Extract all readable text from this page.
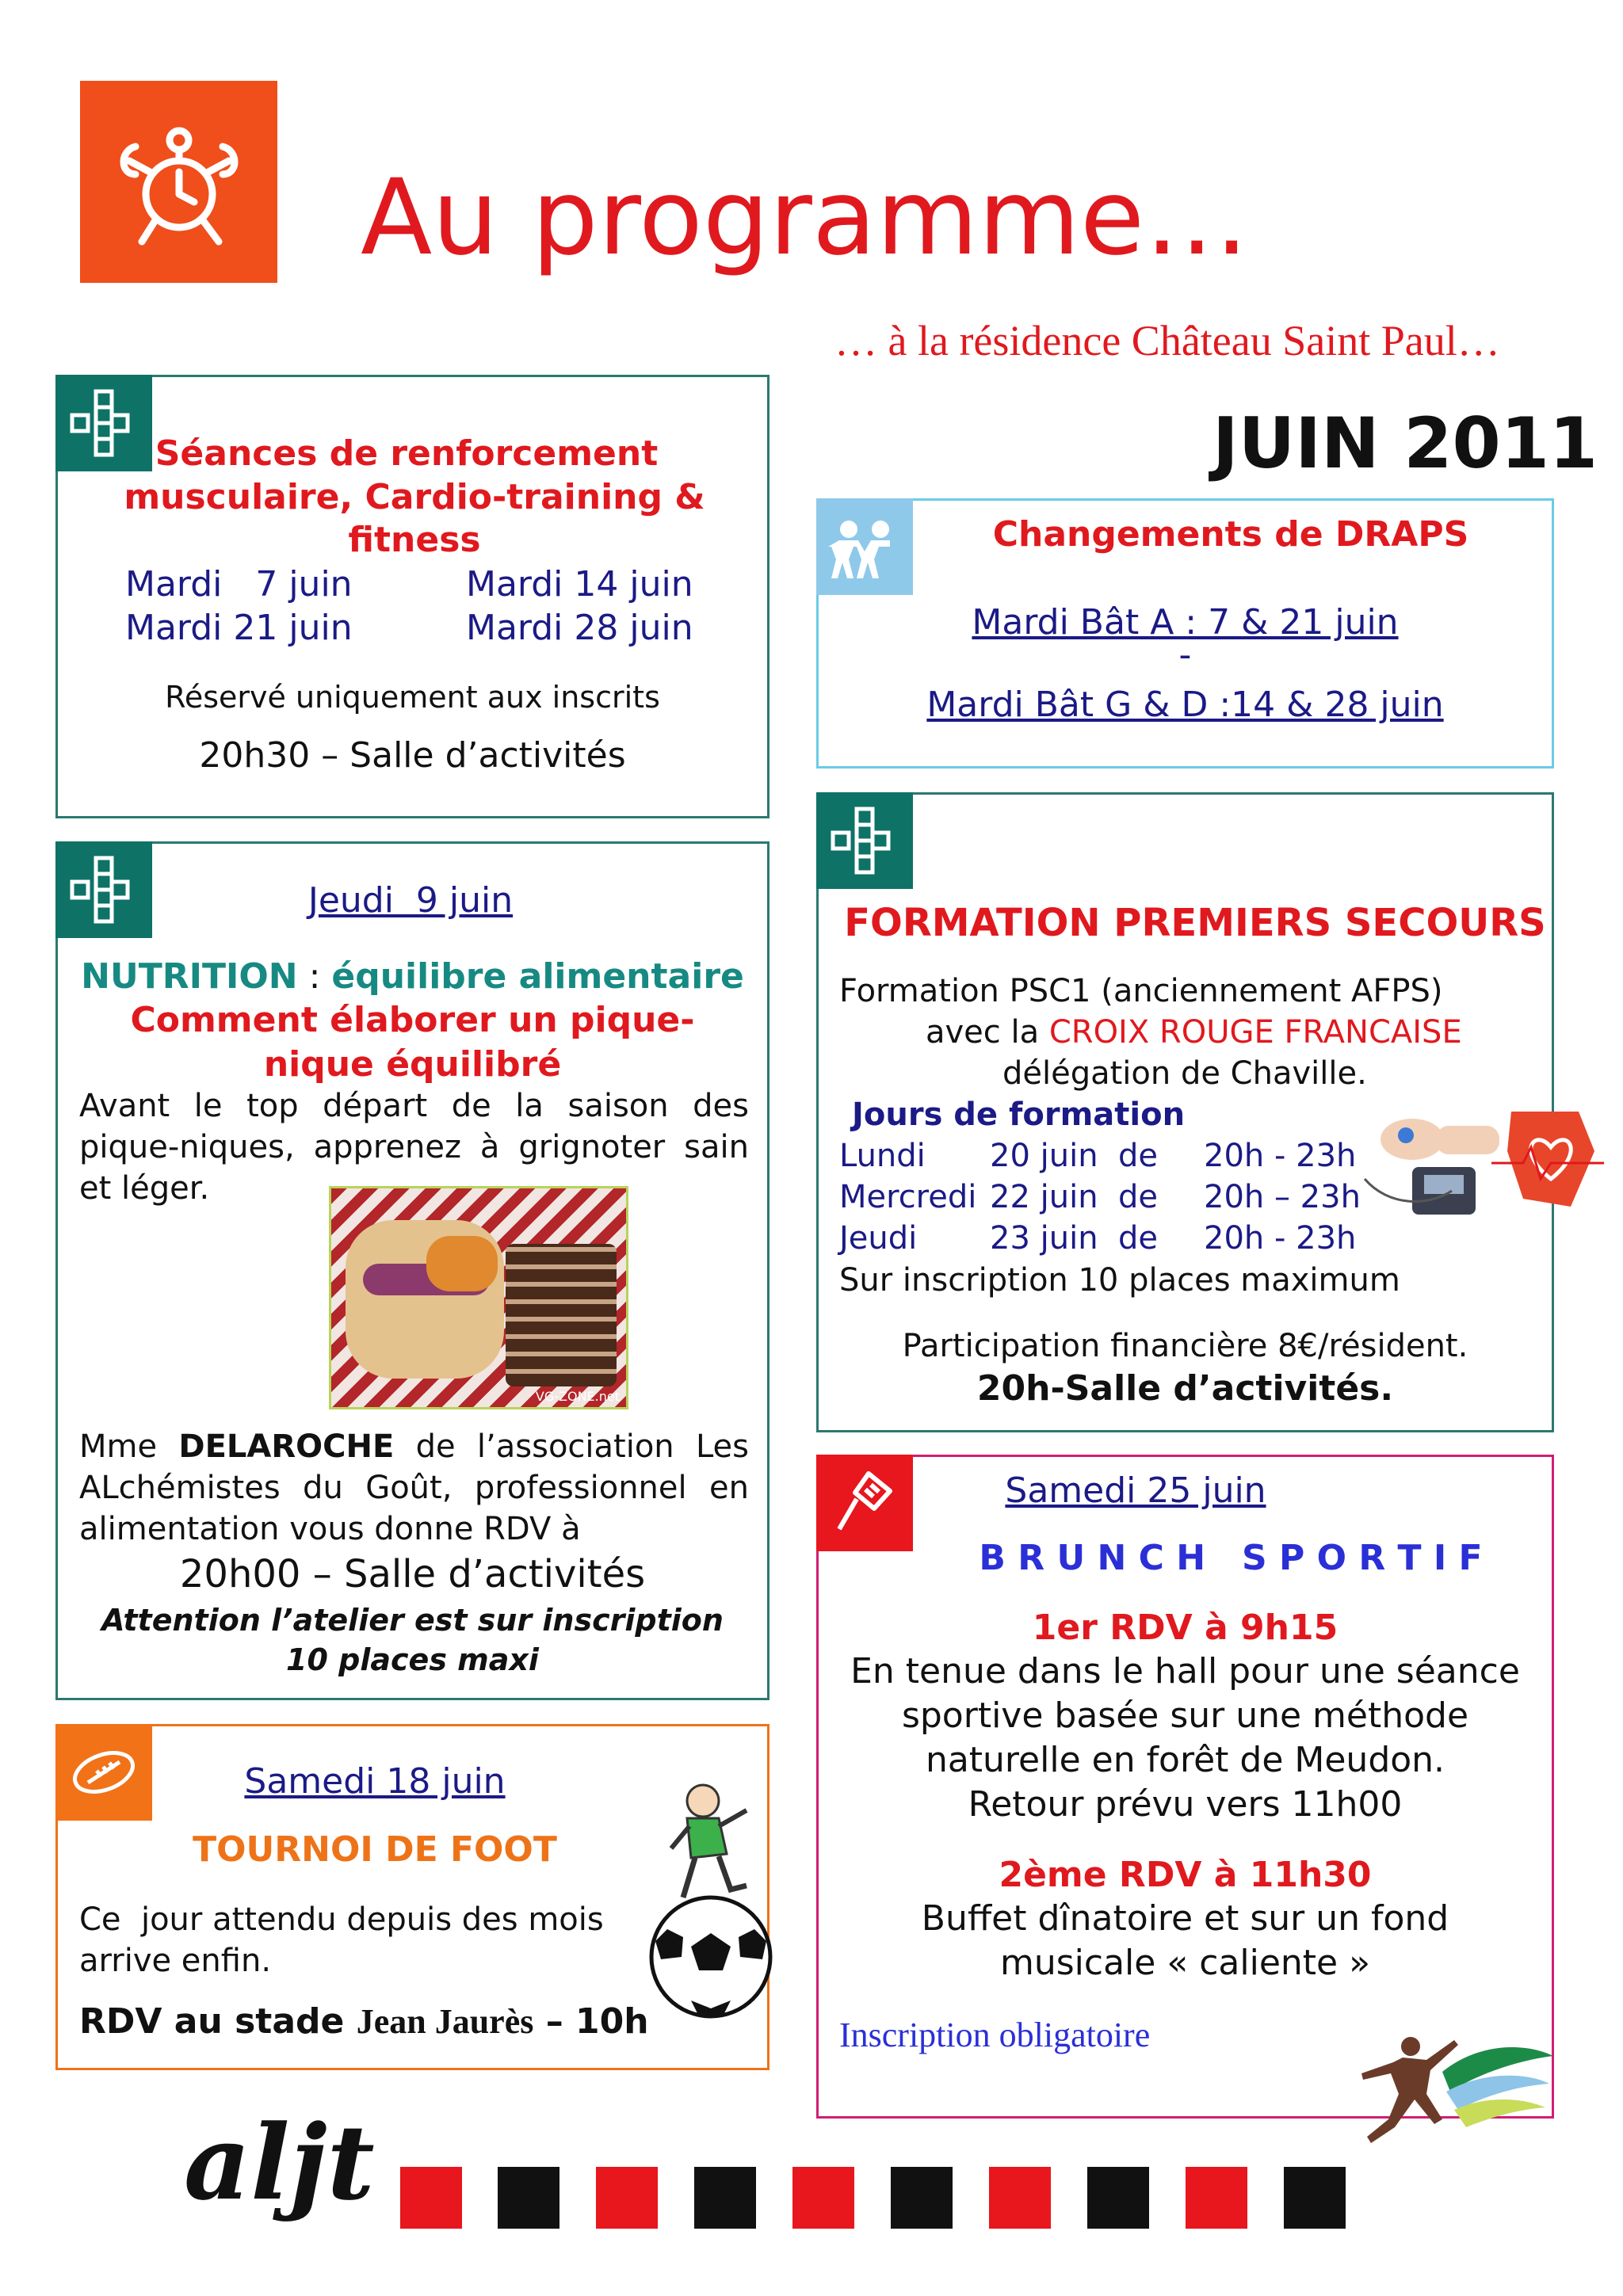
Au programme…
… à la résidence Château Saint Paul…
JUIN 2011
Séances de renforcement
musculaire, Cardio-training & fitness
Mardi   7 juin	Mardi 14 juin
Mardi 21 juin	Mardi 28 juin
Réservé uniquement aux inscrits
20h30 – Salle d’activités
Changements de DRAPS
Mardi Bât A : 7 & 21 juin
-
Mardi Bât G & D :14 & 28 juin
Jeudi  9 juin
NUTRITION : équilibre alimentaire
Comment élaborer un pique-nique équilibré
Avant le top départ de la saison des pique-niques, apprenez à grignoter sain et léger.
VG-ZONE.net
Mme DELAROCHE de l’association Les ALchémistes du Goût, professionnel en alimentation vous donne RDV à
20h00 – Salle d’activités
Attention l’atelier est sur inscription 10 places maxi
FORMATION PREMIERS SECOURS
Formation PSC1 (anciennement AFPS)
avec la CROIX ROUGE FRANCAISE
délégation de Chaville.
Jours de formation
Lundi	20 juin  de	20h - 23h
Mercredi 22 juin  de	20h – 23h
Jeudi	23 juin  de	20h - 23h
Sur inscription 10 places maximum
Participation financière 8€/résident.
20h-Salle d’activités.
Samedi 25 juin
B R U N C H   S P O R T I F
1er RDV à 9h15
En tenue dans le hall pour une séance
sportive basée sur une méthode
naturelle en forêt de Meudon.
Retour prévu vers 11h00
2ème RDV à 11h30
Buffet dînatoire et sur un fond
musicale « caliente »
Inscription obligatoire
Samedi 18 juin
TOURNOI DE FOOT
Ce  jour attendu depuis des mois
arrive enfin.
RDV au stade Jean Jaurès – 10h
aljt
